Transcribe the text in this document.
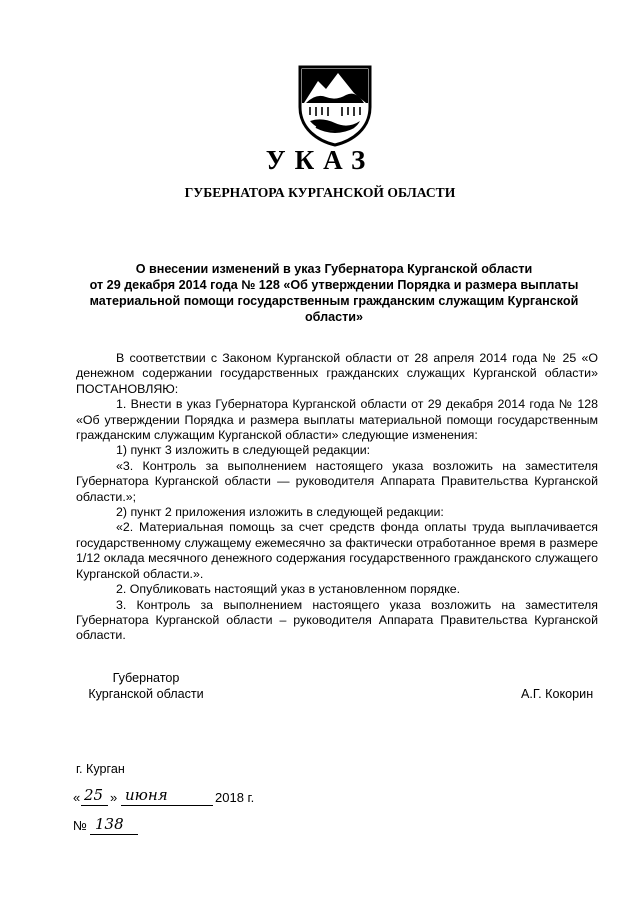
УКАЗ
ГУБЕРНАТОРА КУРГАНСКОЙ ОБЛАСТИ
О внесении изменений в указ Губернатора Курганской области
от 29 декабря 2014 года № 128 «Об утверждении Порядка и размера выплаты
материальной помощи государственным гражданским служащим Курганской
области»

В соответствии с Законом Курганской области от 28 апреля 2014 года № 25 «О денежном содержании государственных гражданских служащих Курганской области» ПОСТАНОВЛЯЮ:

1. Внести в указ Губернатора Курганской области от 29 декабря 2014 года № 128 «Об утверждении Порядка и размера выплаты материальной помощи государственным гражданским служащим Курганской области» следующие изменения:

1) пункт 3 изложить в следующей редакции:

«3. Контроль за выполнением настоящего указа возложить на заместителя Губернатора Курганской области — руководителя Аппарата Правительства Курганской области.»;

2) пункт 2 приложения изложить в следующей редакции:

«2. Материальная помощь за счет средств фонда оплаты труда выплачивается государственному служащему ежемесячно за фактически отработанное время в размере 1/12 оклада месячного денежного содержания государственного гражданского служащего Курганской области.».

2. Опубликовать настоящий указ в установленном порядке.

3. Контроль за выполнением настоящего указа возложить на заместителя Губернатора Курганской области – руководителя Аппарата Правительства Курганской области.

Губернатор
Курганской области	А.Г. Кокорин
г. Курган
« 25 » июня	2018 г.
№ 138
